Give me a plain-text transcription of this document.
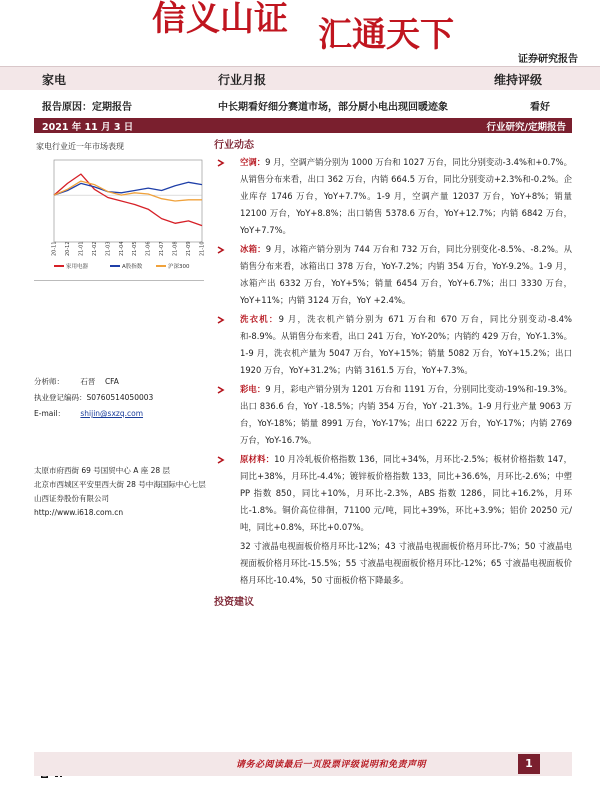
信义山证 汇通天下
证券研究报告
家电	行业月报	维持评级
报告原因：定期报告	中长期看好细分赛道市场，部分厨小电出现回暖迹象	看好
2021 年 11 月 3 日	行业研究/定期报告
家电行业近一年市场表现
20-11 20-12 21-01 21-02 21-03 21-04 21-05 21-06 21-07 21-08 21-09 21-10
家用电器	A股指数	沪深300
分析师： 石晋 CFA
执业登记编码：S0760514050003
E-mail： shijin@sxzq.com
太原市府西街 69 号国贸中心 A 座 28 层
北京市西城区平安里西大街 28 号中海国际中心七层
山西证券股份有限公司
http://www.i618.com.cn
行业动态
空调：9 月，空调产销分别为 1000 万台和 1027 万台，同比分别变动-3.4%和+0.7%。从销售分布来看，出口 362 万台，内销 664.5 万台，同比分别变动+2.3%和-0.2%。企业库存 1746 万台，YoY+7.7%。1-9 月，空调产量 12037 万台，YoY+8%；销量 12100 万台，YoY+8.8%；出口销售 5378.6 万台，YoY+12.7%；内销 6842 万台，YoY+7.7%。
冰箱：9 月，冰箱产销分别为 744 万台和 732 万台，同比分别变化-8.5%、-8.2%。从销售分布来看，冰箱出口 378 万台，YoY-7.2%；内销 354 万台，YoY-9.2%。1-9 月，冰箱产出 6332 万台，YoY+5%；销量 6454 万台，YoY+6.7%；出口 3330 万台，YoY+11%；内销 3124 万台，YoY +2.4%。
洗衣机：9 月，洗衣机产销分别为 671 万台和 670 万台，同比分别变动-8.4%和-8.9%。从销售分布来看，出口 241 万台，YoY-20%；内销约 429 万台，YoY-1.3%。1-9 月，洗衣机产量为 5047 万台，YoY+15%；销量 5082 万台，YoY+15.2%；出口 1920 万台，YoY+31.2%；内销 3161.5 万台，YoY+7.3%。
彩电：9 月，彩电产销分别为 1201 万台和 1191 万台，分别同比变动-19%和-19.3%。出口 836.6 台，YoY -18.5%；内销 354 万台，YoY -21.3%。1-9 月行业产量 9063 万台，YoY-18%；销量 8991 万台，YoY-17%；出口 6222 万台，YoY-17%；内销 2769 万台，YoY-16.7%。
原材料：10 月冷轧板价格指数 136，同比+34%，月环比-2.5%；板材价格指数 147，同比+38%，月环比-4.4%；镀锌板价格指数 133，同比+36.6%，月环比-2.6%；中塑 PP 指数 850，同比+10%，月环比-2.3%，ABS 指数 1286，同比+16.2%，月环比-1.8%。铜价高位徘徊，71100 元/吨，同比+39%，环比+3.9%；铝价 20250 元/吨，同比+0.8%，环比+0.07%。
32 寸液晶电视面板价格月环比-12%；43 寸液晶电视面板价格月环比-7%；50 寸液晶电视面板价格月环比-15.5%；55 寸液晶电视面板价格月环比-12%；65 寸液晶电视面板价格月环比-10.4%，50 寸面板价格下降最多。
投资建议
请务必阅读最后一页股票评级说明和免责声明	1
